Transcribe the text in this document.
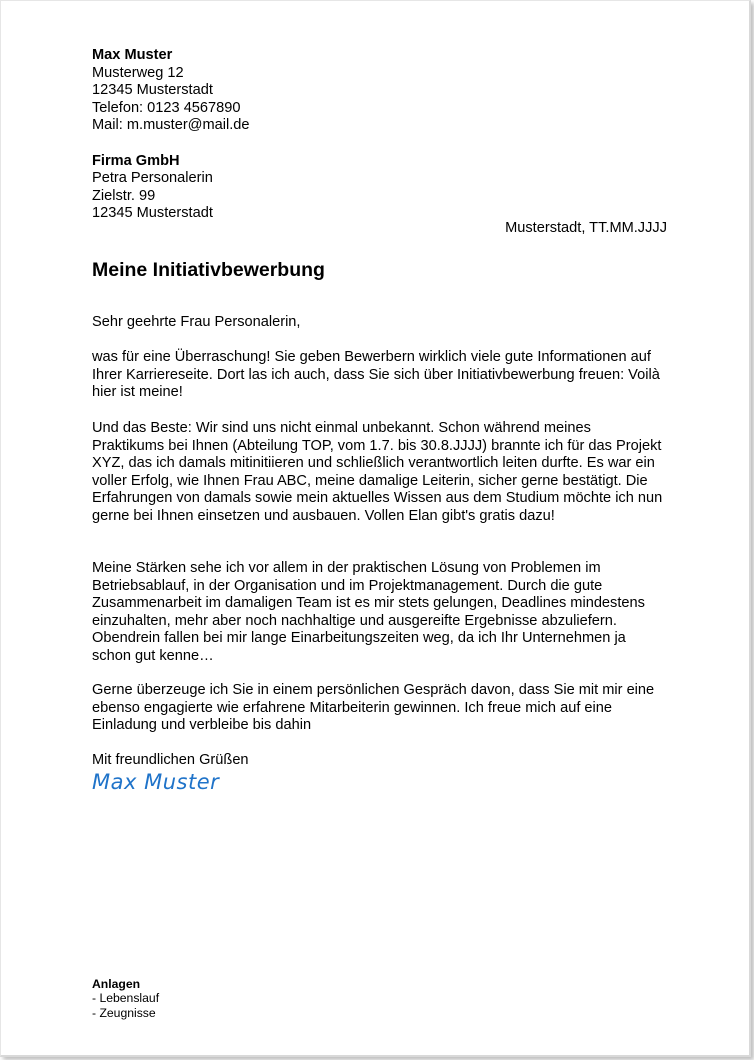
Max Muster
Musterweg 12
12345 Musterstadt
Telefon: 0123 4567890
Mail: m.muster@mail.de
Firma GmbH
Petra Personalerin
Zielstr. 99
12345 Musterstadt
Musterstadt, TT.MM.JJJJ
Meine Initiativbewerbung

Sehr geehrte Frau Personalerin,

was für eine Überraschung! Sie geben Bewerbern wirklich viele gute Informationen auf Ihrer Karriereseite. Dort las ich auch, dass Sie sich über Initiativbewerbung freuen: Voilà hier ist meine!

Und das Beste: Wir sind uns nicht einmal unbekannt. Schon während meines Praktikums bei Ihnen (Abteilung TOP, vom 1.7. bis 30.8.JJJJ) brannte ich für das Projekt XYZ, das ich damals mitinitiieren und schließlich verantwortlich leiten durfte. Es war ein voller Erfolg, wie Ihnen Frau ABC, meine damalige Leiterin, sicher gerne bestätigt. Die Erfahrungen von damals sowie mein aktuelles Wissen aus dem Studium möchte ich nun gerne bei Ihnen einsetzen und ausbauen. Vollen Elan gibt's gratis dazu!

Meine Stärken sehe ich vor allem in der praktischen Lösung von Problemen im Betriebsablauf, in der Organisation und im Projektmanagement. Durch die gute Zusammenarbeit im damaligen Team ist es mir stets gelungen, Deadlines mindestens einzuhalten, mehr aber noch nachhaltige und ausgereifte Ergebnisse abzuliefern. Obendrein fallen bei mir lange Einarbeitungszeiten weg, da ich Ihr Unternehmen ja schon gut kenne…

Gerne überzeuge ich Sie in einem persönlichen Gespräch davon, dass Sie mit mir eine ebenso engagierte wie erfahrene Mitarbeiterin gewinnen. Ich freue mich auf eine Einladung und verbleibe bis dahin

Mit freundlichen Grüßen

Max Muster
Anlagen
- Lebenslauf
- Zeugnisse
